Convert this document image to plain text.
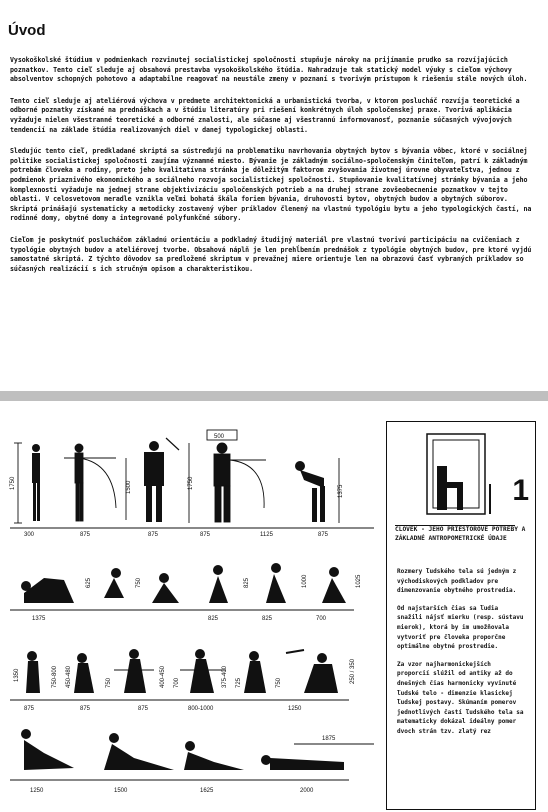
Úvod

Vysokoškolské štúdium v podmienkach rozvinutej socialistickej spoločnosti stupňuje nároky na prijímanie prudko sa rozvíjajúcich poznatkov. Tento cieľ sleduje aj obsahová prestavba vysokoškolského štúdia. Nahradzuje tak statický model výuky s cieľom výchovy absolventov schopných pohotovo a adaptabilne reagovať na neustále zmeny v poznaní s tvorivým prístupom k riešeniu stále nových úloh.

Tento cieľ sleduje aj ateliérová výchova v predmete architektonická a urbanistická tvorba, v ktorom poslucháč rozvíja teoretické a odborné poznatky získané na prednáškach a v štúdiu literatúry pri riešení konkrétnych úloh spoločenskej praxe. Tvorivá aplikácia vyžaduje nielen všestranné teoretické a odborné znalosti, ale súčasne aj všestrannú informovanosť, poznanie súčasných vývojových tendencií na základe štúdia realizovaných diel v danej typologickej oblasti.

Sledujúc tento cieľ, predkladané skriptá sa sústreďujú na problematiku navrhovania obytných bytov s bývania vôbec, ktoré v sociálnej politike socialistickej spoločnosti zaujíma významné miesto. Bývanie je základným sociálno-spoločenským činiteľom, patrí k základným potrebám človeka a rodiny, preto jeho kvalitatívna stránka je dôležitým faktorom zvyšovania životnej úrovne obyvateľstva, jednou z podmienok priaznivého ekonomického a sociálneho rozvoja socialistickej spoločnosti. Stupňovanie kvalitatívnej stránky bývania a jeho komplexnosti vyžaduje na jednej strane objektivizáciu spoločenských potrieb a na druhej strane zovšeobecnenie poznatkov v tejto oblasti. V celosvetovom meradle vznikla veľmi bohatá škála foriem bývania, druhovosti bytov, obytných budov a obytných súborov. Skriptá prinášajú systematicky a metodicky zostavený výber príkladov členený na vlastnú typológiu bytu a jeho typologických častí, na rodinné domy, obytné domy a integrované polyfunkčné súbory.

Cieľom je poskytnúť poslucháčom základnú orientáciu a podkladný študijný materiál pre vlastnú tvorivú participáciu na cvičeniach z typológie obytných budov a ateliérovej tvorbe. Obsahová náplň je len prehĺbením prednášok z typológie obytných budov, pre ktoré vyjdú samostatné skriptá. Z týchto dôvodov sa predložené skriptum v prevažnej miere orientuje len na obrazovú časť vybraných príkladov so súčasných realizácií s ich stručným opisom a charakteristikou.

1750	1500	1750
500
1375
300	875	875	875	1125	875
625	750	825	1000	1025
1375	825	825	700
1350	750-800 450-480	750	400-450 700	375-400 725	750	250 / 350
875	875	875	800-1000	1250
1875
1250	1500	1625	2000
1
ČLOVEK - JEHO PRIESTOROVÉ POTREBY A ZÁKLADNÉ ANTROPOMETRICKÉ ÚDAJE

Rozmery ľudského tela sú jedným z východiskových podkladov pre dimenzovanie obytného prostredia.

Od najstarších čias sa ľudia snažili nájsť mierku (resp. sústavu mierok), ktorá by im umožňovala vytvoriť pre človeka proporčne optimálne obytné prostredie.

Za vzor najharmonickejších proporcií slúžil od antiky až do dnešných čias harmonicky vyvinuté ľudské telo - dimenzie klasickej ľudskej postavy. Skúmaním pomerov jednotlivých častí ľudského tela sa matematicky dokázal ideálny pomer dvoch strán tzv. zlatý rez
